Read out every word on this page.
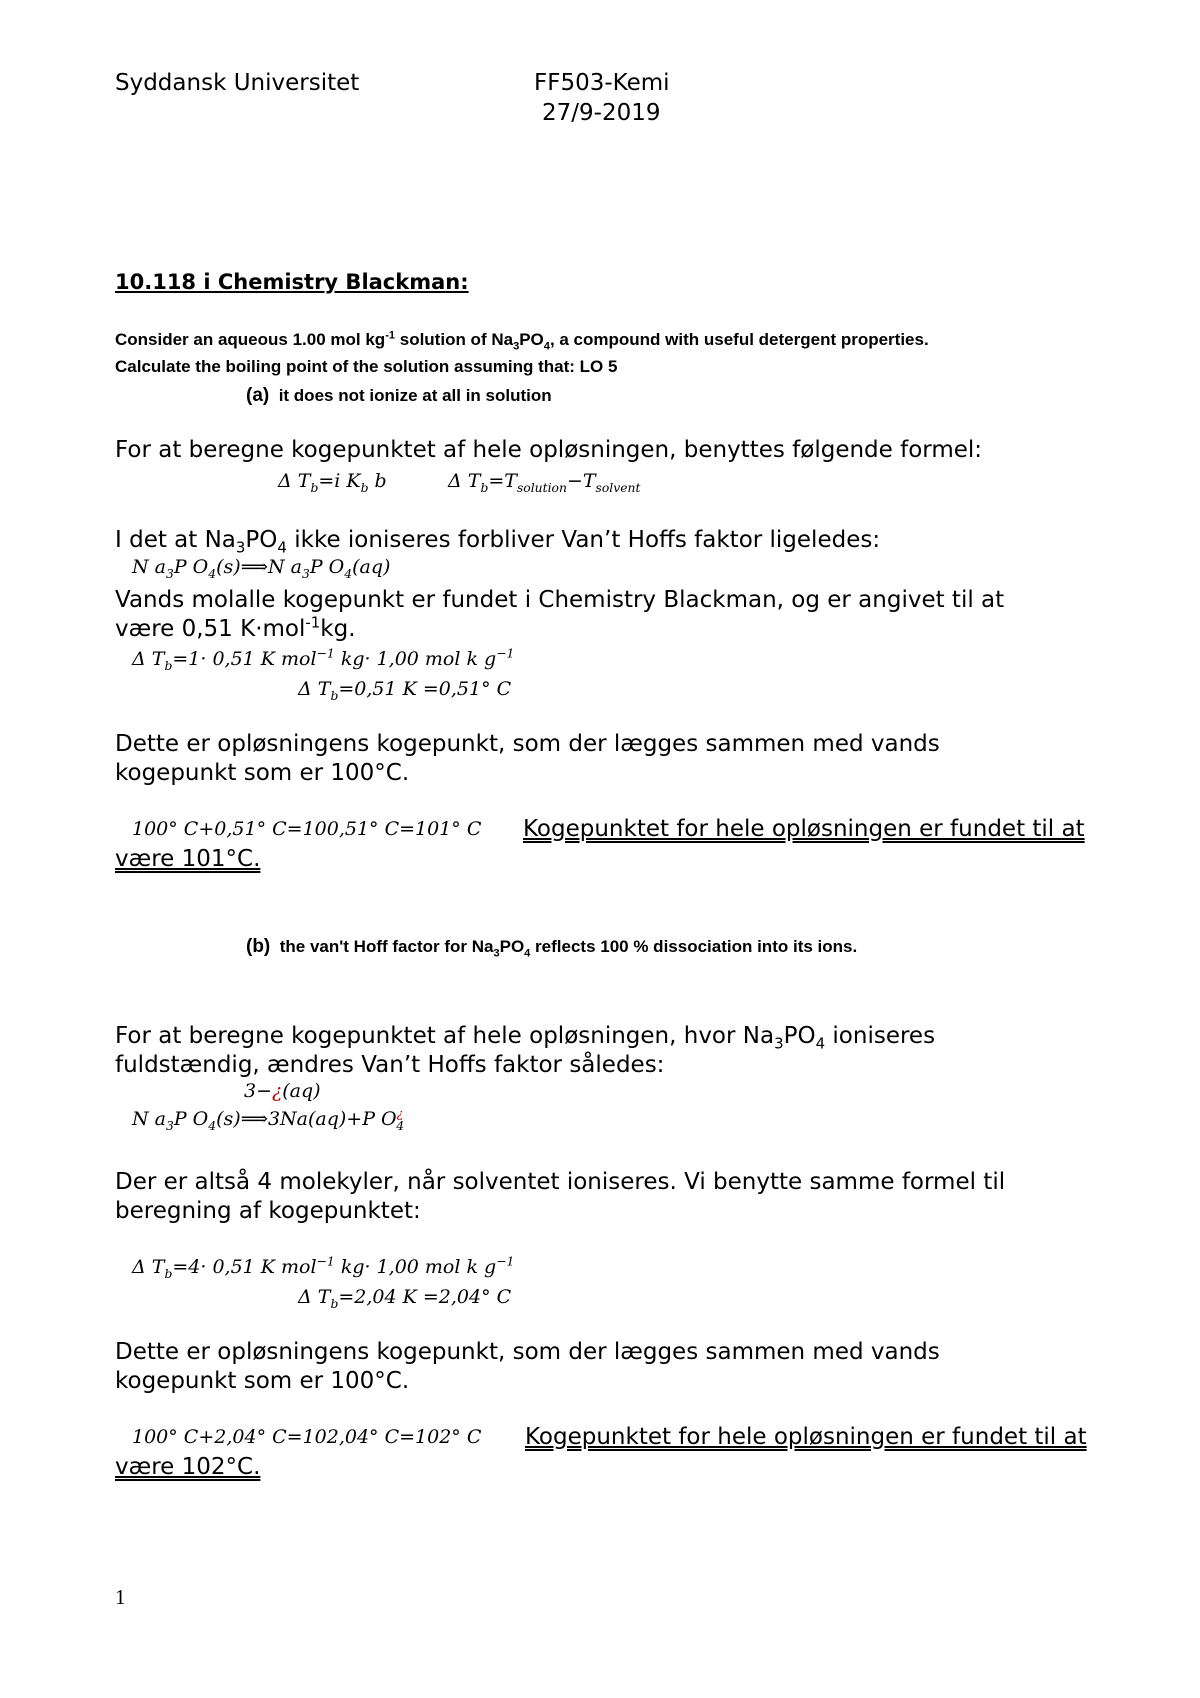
Syddansk Universitet	FF503-Kemi
27/9-2019
10.118 i Chemistry Blackman:
Consider an aqueous 1.00 mol $kg^{-1}$ solution of $Na_3PO_4$, a compound with useful detergent properties.
Calculate the boiling point of the solution assuming that: LO 5
(a) it does not ionize at all in solution
For at beregne kogepunktet af hele opløsningen, benyttes følgende formel:
Δ $T_b=i$ $K_b$ b	Δ $T_b=T_{solution}-T_{solvent}$
I det at $Na_3PO_4$ ikke ioniseres forbliver Van’t Hoffs faktor ligeledes:
N $a_3P$ $O_4(s)⟹N$ $a_3P$ $O_4(aq)$
Vands molalle kogepunkt er fundet i Chemistry Blackman, og er angivet til at
være 0,51 K·mol$^{-1}$kg.
Δ $T_b=1\cdot 0,51$ K mol$^{-1}$ kg· 1,00 mol k $g^{-1}$
Δ $T_b=0,51$ K =0,51° C
Dette er opløsningens kogepunkt, som der lægges sammen med vands
kogepunkt som er 100°C.
100° C+0,51° C=100,51° C=101° C	Kogepunktet for hele opløsningen er fundet til at være 101°C.
(b) the van't Hoff factor for $Na_3PO_4$ reflects 100 % dissociation into its ions.
For at beregne kogepunktet af hele opløsningen, hvor $Na_3PO_4$ ioniseres
fuldstændig, ændres Van’t Hoffs faktor således:
3−¿(aq)
N $a_3P$ $O_4(s)⟹3Na(aq)+P$ $O^¿_4$
Der er altså 4 molekyler, når solventet ioniseres. Vi benytte samme formel til
beregning af kogepunktet:
Δ $T_b=4\cdot 0,51$ K mol$^{-1}$ kg· 1,00 mol k $g^{-1}$
Δ $T_b=2,04$ K =2,04° C
Dette er opløsningens kogepunkt, som der lægges sammen med vands
kogepunkt som er 100°C.
100° C+2,04° C=102,04° C=102° C	Kogepunktet for hele opløsningen er fundet til at være 102°C.
1
